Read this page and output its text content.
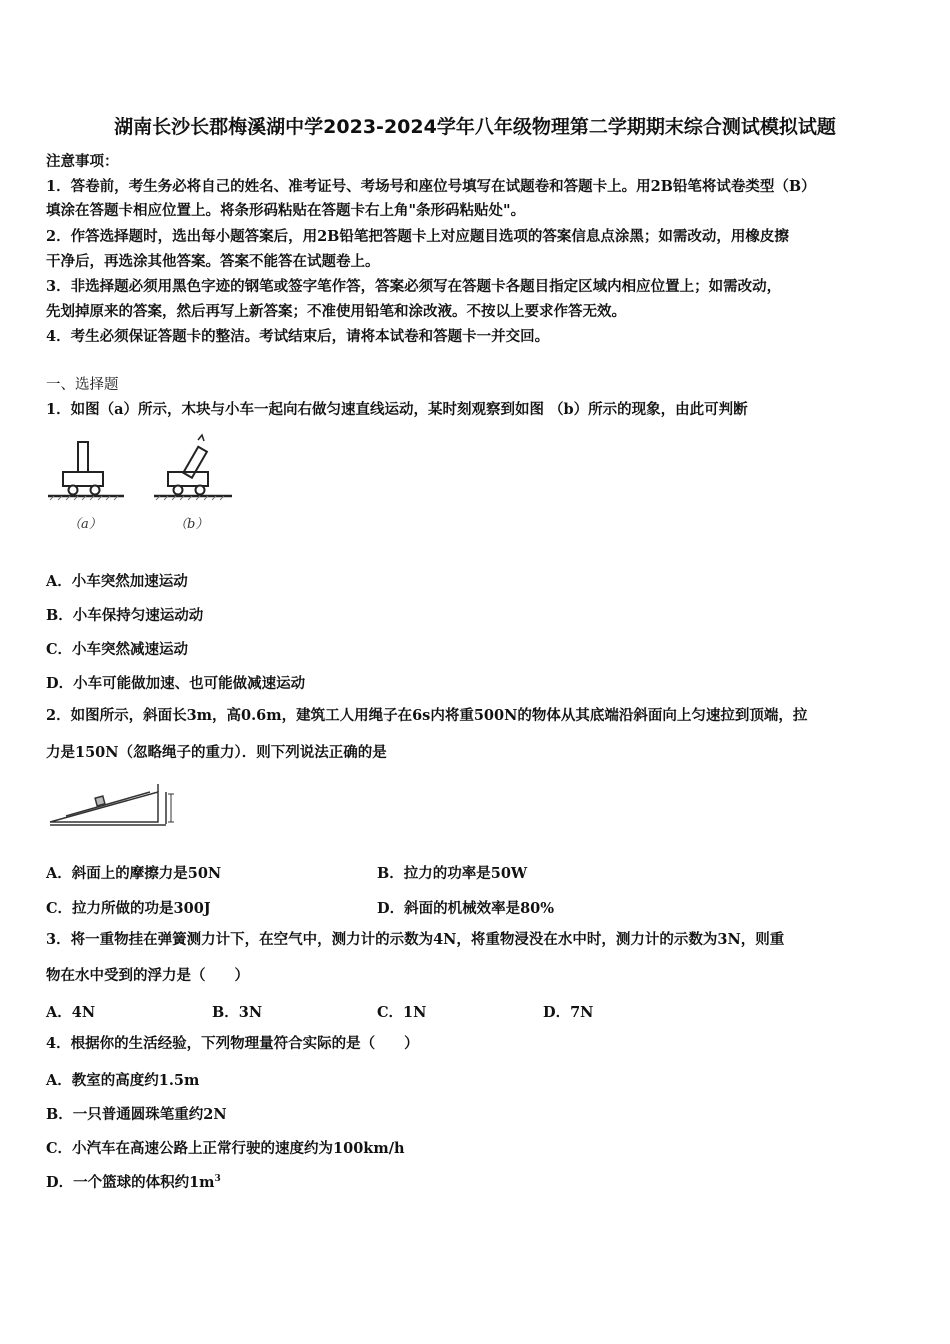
湖南长沙长郡梅溪湖中学2023-2024学年八年级物理第二学期期末综合测试模拟试题
注意事项：
1．答卷前，考生务必将自己的姓名、准考证号、考场号和座位号填写在试题卷和答题卡上。用2B铅笔将试卷类型（B）
填涂在答题卡相应位置上。将条形码粘贴在答题卡右上角"条形码粘贴处"。
2．作答选择题时，选出每小题答案后，用2B铅笔把答题卡上对应题目选项的答案信息点涂黑；如需改动，用橡皮擦
干净后，再选涂其他答案。答案不能答在试题卷上。
3．非选择题必须用黑色字迹的钢笔或签字笔作答，答案必须写在答题卡各题目指定区域内相应位置上；如需改动，
先划掉原来的答案，然后再写上新答案；不准使用铅笔和涂改液。不按以上要求作答无效。
4．考生必须保证答题卡的整洁。考试结束后，请将本试卷和答题卡一并交回。
一、选择题
1．如图（a）所示，木块与小车一起向右做匀速直线运动，某时刻观察到如图 （b）所示的现象，由此可判断
（a）	（b）
A．小车突然加速运动
B．小车保持匀速运动动
C．小车突然减速运动
D．小车可能做加速、也可能做减速运动
2．如图所示，斜面长3m，高0.6m，建筑工人用绳子在6s内将重500N的物体从其底端沿斜面向上匀速拉到顶端，拉
力是150N（忽略绳子的重力）．则下列说法正确的是
A．斜面上的摩擦力是50N	B．拉力的功率是50W
C．拉力所做的功是300J	D．斜面的机械效率是80%
3．将一重物挂在弹簧测力计下，在空气中，测力计的示数为4N，将重物浸没在水中时，测力计的示数为3N，则重
物在水中受到的浮力是（　　）
A．4N	B．3N	C．1N	D．7N
4．根据你的生活经验，下列物理量符合实际的是（　　）
A．教室的高度约1.5m
B．一只普通圆珠笔重约2N
C．小汽车在高速公路上正常行驶的速度约为100km/h
D．一个篮球的体积约$1m^3$
